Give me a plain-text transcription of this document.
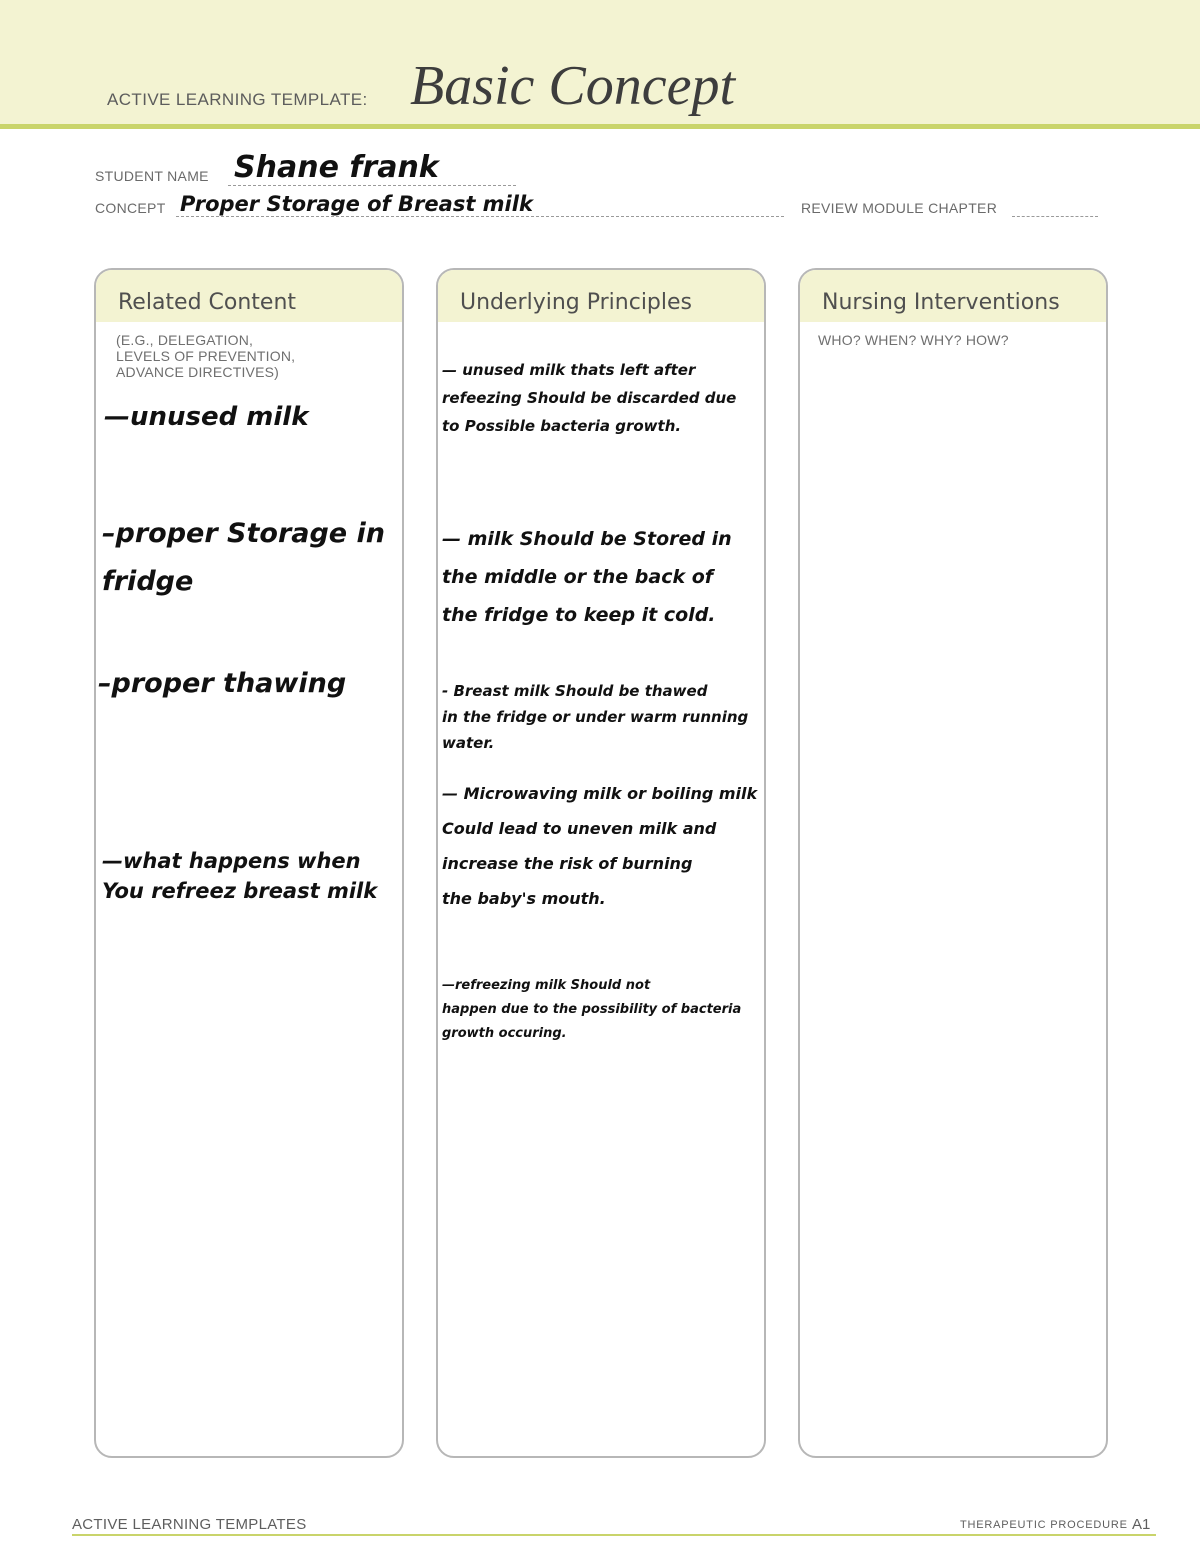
ACTIVE LEARNING TEMPLATE: Basic Concept
STUDENT NAME Shane frank
CONCEPT Proper Storage of Breast milk	REVIEW MODULE CHAPTER
Related Content
(E.G., DELEGATION,
LEVELS OF PREVENTION,
ADVANCE DIRECTIVES)
—unused milk
–proper Storage in
fridge
–proper thawing
—what happens when
You refreez breast milk
Underlying Principles
— unused milk thats left after
refeezing Should be discarded due
to Possible bacteria growth.
— milk Should be Stored in
the middle or the back of
the fridge to keep it cold.
- Breast milk Should be thawed
in the fridge or under warm running
water.
— Microwaving milk or boiling milk
Could lead to uneven milk and
increase the risk of burning
the baby's mouth.
—refreezing milk Should not
happen due to the possibility of bacteria
growth occuring.
Nursing Interventions
WHO? WHEN? WHY? HOW?
ACTIVE LEARNING TEMPLATES	THERAPEUTIC PROCEDURE A1
